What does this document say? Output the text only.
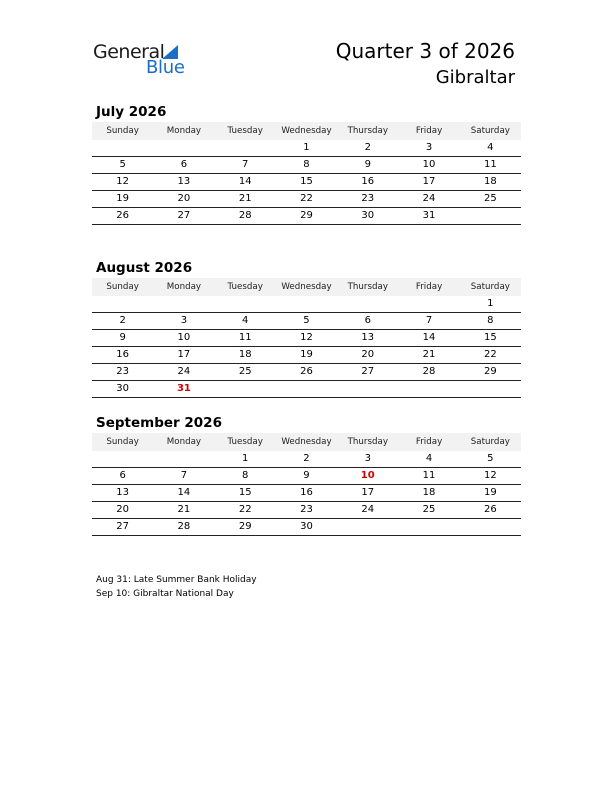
General
Blue
Quarter 3 of 2026
Gibraltar
July 2026
Sunday	Monday	Tuesday	Wednesday	Thursday	Friday	Saturday
			1	2	3	4
5	6	7	8	9	10	11
12	13	14	15	16	17	18
19	20	21	22	23	24	25
26	27	28	29	30	31	
August 2026
Sunday	Monday	Tuesday	Wednesday	Thursday	Friday	Saturday
						1
2	3	4	5	6	7	8
9	10	11	12	13	14	15
16	17	18	19	20	21	22
23	24	25	26	27	28	29
30	31					
September 2026
Sunday	Monday	Tuesday	Wednesday	Thursday	Friday	Saturday
		1	2	3	4	5
6	7	8	9	10	11	12
13	14	15	16	17	18	19
20	21	22	23	24	25	26
27	28	29	30			
Aug 31: Late Summer Bank Holiday
Sep 10: Gibraltar National Day
